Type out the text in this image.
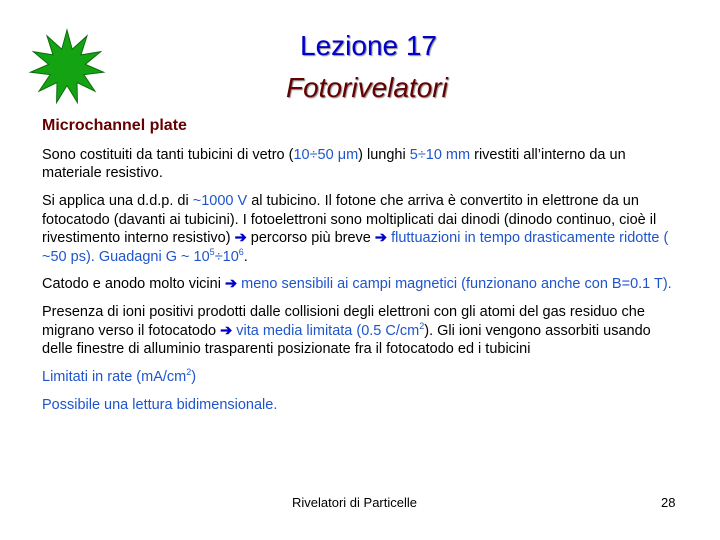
Lezione 17
Fotorivelatori
Microchannel plate

Sono costituiti da tanti tubicini di vetro (10÷50 μm) lunghi 5÷10 mm rivestiti all’interno da un materiale resistivo.

Si applica una d.d.p. di ~1000 V al tubicino. Il fotone che arriva è convertito in elettrone da un fotocatodo (davanti ai tubicini). I fotoelettroni sono moltiplicati dai dinodi (dinodo continuo, cioè il rivestimento interno resistivo) ➔ percorso più breve ➔ fluttuazioni in tempo drasticamente ridotte ( ~50 ps). Guadagni G ~ $10^5\div 10^6$.

Catodo e anodo molto vicini ➔ meno sensibili ai campi magnetici (funzionano anche con B=0.1 T).

Presenza di ioni positivi prodotti dalle collisioni degli elettroni con gli atomi del gas residuo che migrano verso il fotocatodo ➔ vita media limitata (0.5 $C/cm^2$). Gli ioni vengono assorbiti usando delle finestre di alluminio trasparenti posizionate fra il fotocatodo ed i tubicini

Limitati in rate $(mA/cm^2)$

Possibile una lettura bidimensionale.

Rivelatori di Particelle	28
